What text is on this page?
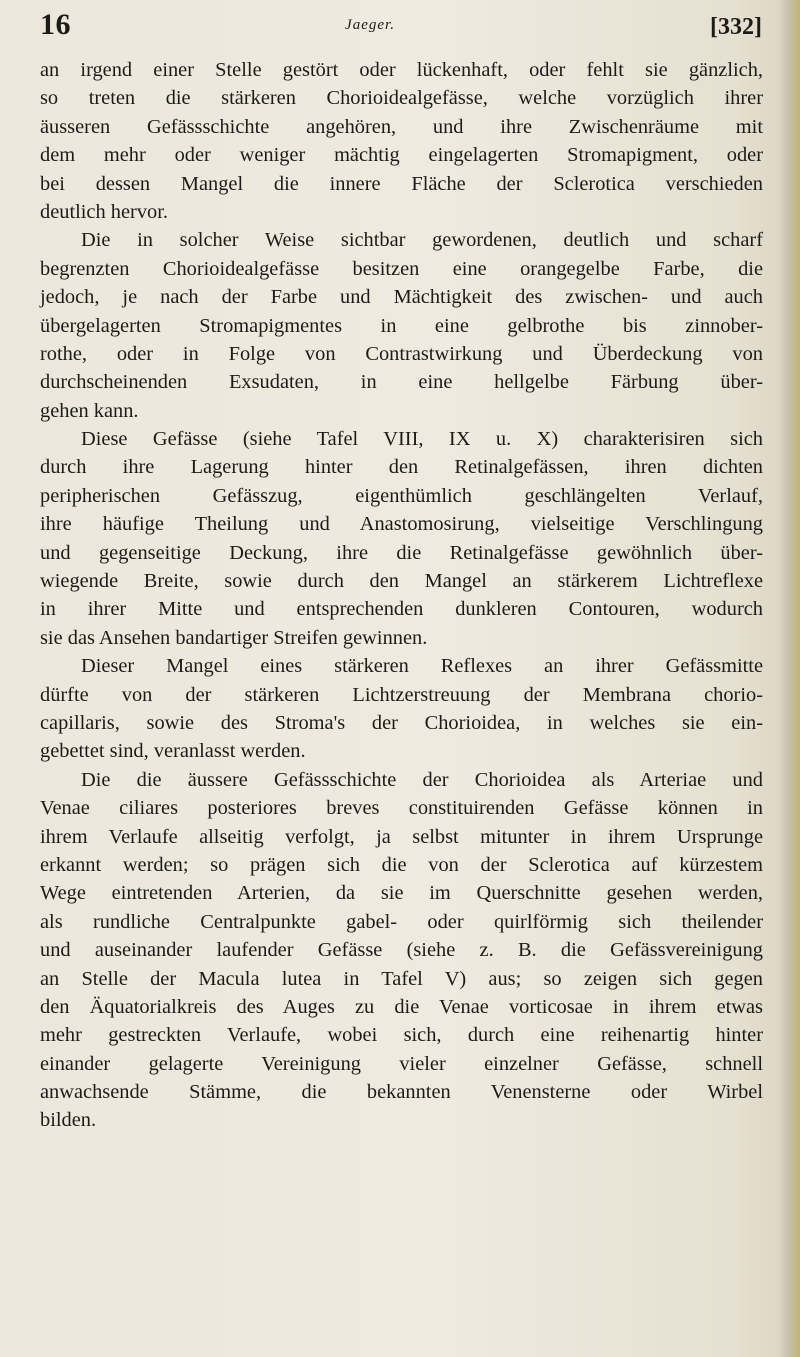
16	Jaeger.	[332]
an irgend einer Stelle gestört oder lückenhaft, oder fehlt sie gänzlich,
so treten die stärkeren Chorioidealgefässe, welche vorzüglich ihrer
äusseren Gefässschichte angehören, und ihre Zwischenräume mit
dem mehr oder weniger mächtig eingelagerten Stromapigment, oder
bei dessen Mangel die innere Fläche der Sclerotica verschieden
deutlich hervor.
Die in solcher Weise sichtbar gewordenen, deutlich und scharf
begrenzten Chorioidealgefässe besitzen eine orangegelbe Farbe, die
jedoch, je nach der Farbe und Mächtigkeit des zwischen- und auch
übergelagerten Stromapigmentes in eine gelbrothe bis zinnober-
rothe, oder in Folge von Contrastwirkung und Überdeckung von
durchscheinenden Exsudaten, in eine hellgelbe Färbung über-
gehen kann.
Diese Gefässe (siehe Tafel VIII, IX u. X) charakterisiren sich
durch ihre Lagerung hinter den Retinalgefässen, ihren dichten
peripherischen Gefässzug, eigenthümlich geschlängelten Verlauf,
ihre häufige Theilung und Anastomosirung, vielseitige Verschlingung
und gegenseitige Deckung, ihre die Retinalgefässe gewöhnlich über-
wiegende Breite, sowie durch den Mangel an stärkerem Lichtreflexe
in ihrer Mitte und entsprechenden dunkleren Contouren, wodurch
sie das Ansehen bandartiger Streifen gewinnen.
Dieser Mangel eines stärkeren Reflexes an ihrer Gefässmitte
dürfte von der stärkeren Lichtzerstreuung der Membrana chorio-
capillaris, sowie des Stroma's der Chorioidea, in welches sie ein-
gebettet sind, veranlasst werden.
Die die äussere Gefässschichte der Chorioidea als Arteriae und
Venae ciliares posteriores breves constituirenden Gefässe können in
ihrem Verlaufe allseitig verfolgt, ja selbst mitunter in ihrem Ursprunge
erkannt werden; so prägen sich die von der Sclerotica auf kürzestem
Wege eintretenden Arterien, da sie im Querschnitte gesehen werden,
als rundliche Centralpunkte gabel- oder quirlförmig sich theilender
und auseinander laufender Gefässe (siehe z. B. die Gefässvereinigung
an Stelle der Macula lutea in Tafel V) aus; so zeigen sich gegen
den Äquatorialkreis des Auges zu die Venae vorticosae in ihrem etwas
mehr gestreckten Verlaufe, wobei sich, durch eine reihenartig hinter
einander gelagerte Vereinigung vieler einzelner Gefässe, schnell
anwachsende Stämme, die bekannten Venensterne oder Wirbel
bilden.
